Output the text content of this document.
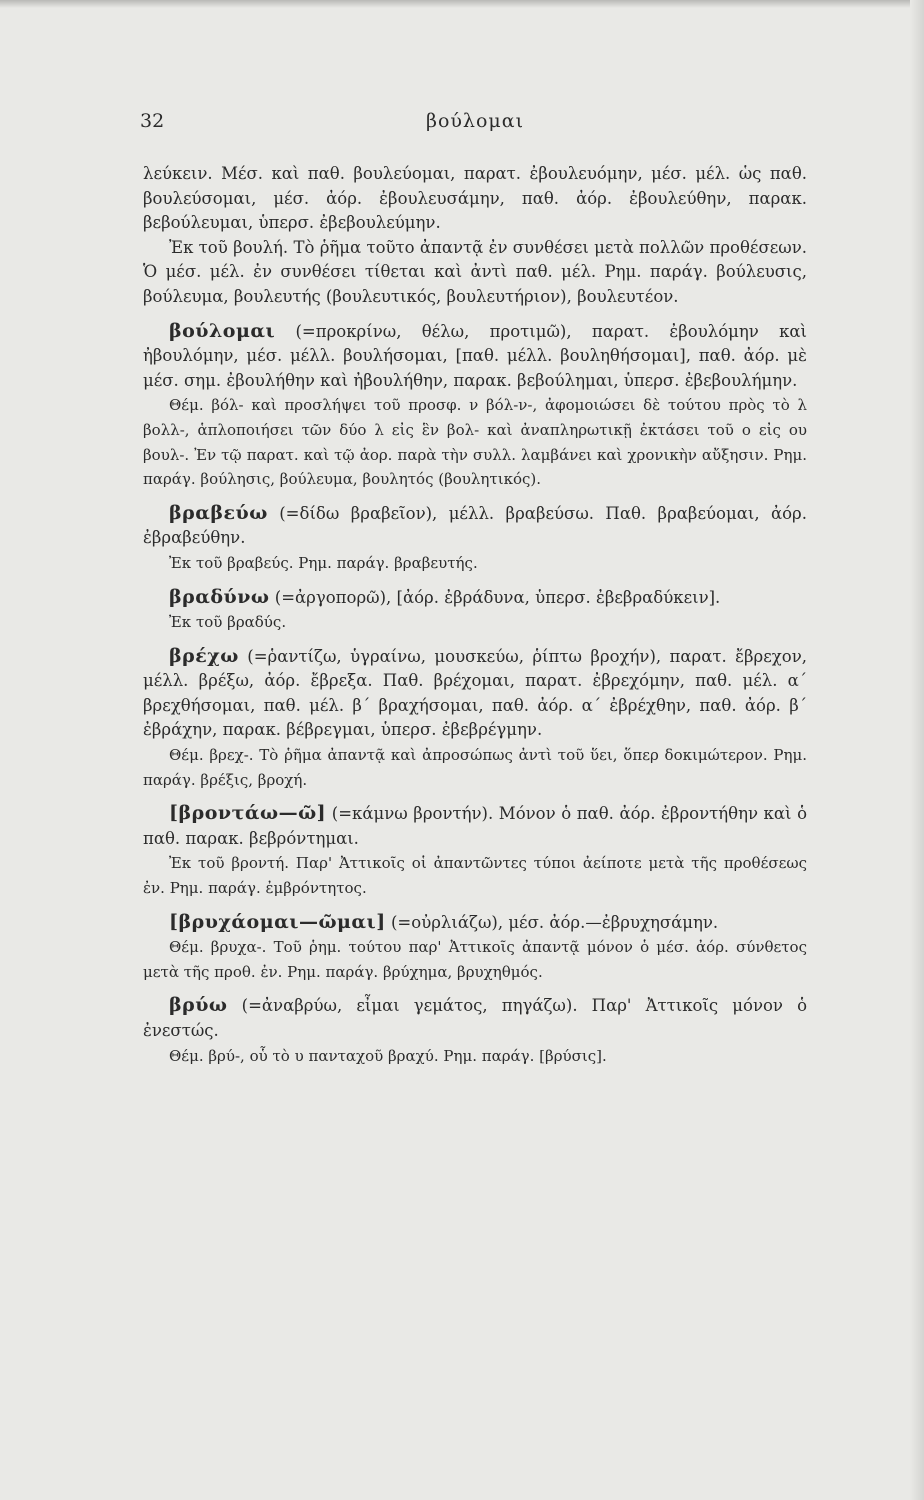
32	βούλομαι

λεύκειν. Μέσ. καὶ παθ. βουλεύομαι, παρατ. ἐβουλευόμην, μέσ. μέλ. ὡς παθ. βουλεύσομαι, μέσ. ἀόρ. ἐβουλευσάμην, παθ. ἀόρ. ἐβουλεύθην, παρακ. βεβούλευμαι, ὑπερσ. ἐβεβουλεύμην.

Ἐκ τοῦ βουλή. Τὸ ῥῆμα τοῦτο ἀπαντᾷ ἐν συνθέσει μετὰ πολλῶν προθέσεων. Ὁ μέσ. μέλ. ἐν συνθέσει τίθεται καὶ ἀντὶ παθ. μέλ. Ρημ. παράγ. βούλευσις, βούλευμα, βουλευτής (βουλευτικός, βουλευτήριον), βουλευτέον.

βούλομαι (=προκρίνω, θέλω, προτιμῶ), παρατ. ἐβουλόμην καὶ ἠβουλόμην, μέσ. μέλλ. βουλήσομαι, [παθ. μέλλ. βουληθήσομαι], παθ. ἀόρ. μὲ μέσ. σημ. ἐβουλήθην καὶ ἠβουλήθην, παρακ. βεβούλημαι, ὑπερσ. ἐβεβουλήμην.

Θέμ. βόλ- καὶ προσλήψει τοῦ προσφ. ν βόλ-ν-, ἀφομοιώσει δὲ τούτου πρὸς τὸ λ βολλ-, ἁπλοποιήσει τῶν δύο λ εἰς ἓν βολ- καὶ ἀναπληρωτικῇ ἐκτάσει τοῦ ο εἰς ου βουλ-. Ἐν τῷ παρατ. καὶ τῷ ἀορ. παρὰ τὴν συλλ. λαμβάνει καὶ χρονικὴν αὔξησιν. Ρημ. παράγ. βούλησις, βούλευμα, βουλητός (βουλητικός).

βραβεύω (=δίδω βραβεῖον), μέλλ. βραβεύσω. Παθ. βραβεύομαι, ἀόρ. ἐβραβεύθην.

Ἐκ τοῦ βραβεύς. Ρημ. παράγ. βραβευτής.

βραδύνω (=ἀργοπορῶ), [ἀόρ. ἐβράδυνα, ὑπερσ. ἐβεβραδύκειν].

Ἐκ τοῦ βραδύς.

βρέχω (=ῥαντίζω, ὑγραίνω, μουσκεύω, ῥίπτω βροχήν), παρατ. ἔβρεχον, μέλλ. βρέξω, ἀόρ. ἔβρεξα. Παθ. βρέχομαι, παρατ. ἐβρεχόμην, παθ. μέλ. α΄ βρεχθήσομαι, παθ. μέλ. β΄ βραχήσομαι, παθ. ἀόρ. α΄ ἐβρέχθην, παθ. ἀόρ. β΄ ἐβράχην, παρακ. βέβρεγμαι, ὑπερσ. ἐβεβρέγμην.

Θέμ. βρεχ-. Τὸ ῥῆμα ἀπαντᾷ καὶ ἀπροσώπως ἀντὶ τοῦ ὕει, ὅπερ δοκιμώτερον. Ρημ. παράγ. βρέξις, βροχή.

[βροντάω—ῶ] (=κάμνω βροντήν). Μόνον ὁ παθ. ἀόρ. ἐβροντήθην καὶ ὁ παθ. παρακ. βεβρόντημαι.

Ἐκ τοῦ βροντή. Παρ' Ἀττικοῖς οἱ ἀπαντῶντες τύποι ἀείποτε μετὰ τῆς προθέσεως ἐν. Ρημ. παράγ. ἐμβρόντητος.

[βρυχάομαι—ῶμαι] (=οὐρλιάζω), μέσ. ἀόρ.—ἐβρυχησάμην.

Θέμ. βρυχα-. Τοῦ ῥημ. τούτου παρ' Ἀττικοῖς ἀπαντᾷ μόνον ὁ μέσ. ἀόρ. σύνθετος μετὰ τῆς προθ. ἐν. Ρημ. παράγ. βρύχημα, βρυχηθμός.

βρύω (=ἀναβρύω, εἶμαι γεμάτος, πηγάζω). Παρ' Ἀττικοῖς μόνον ὁ ἐνεστώς.

Θέμ. βρύ-, οὗ τὸ υ πανταχοῦ βραχύ. Ρημ. παράγ. [βρύσις].
